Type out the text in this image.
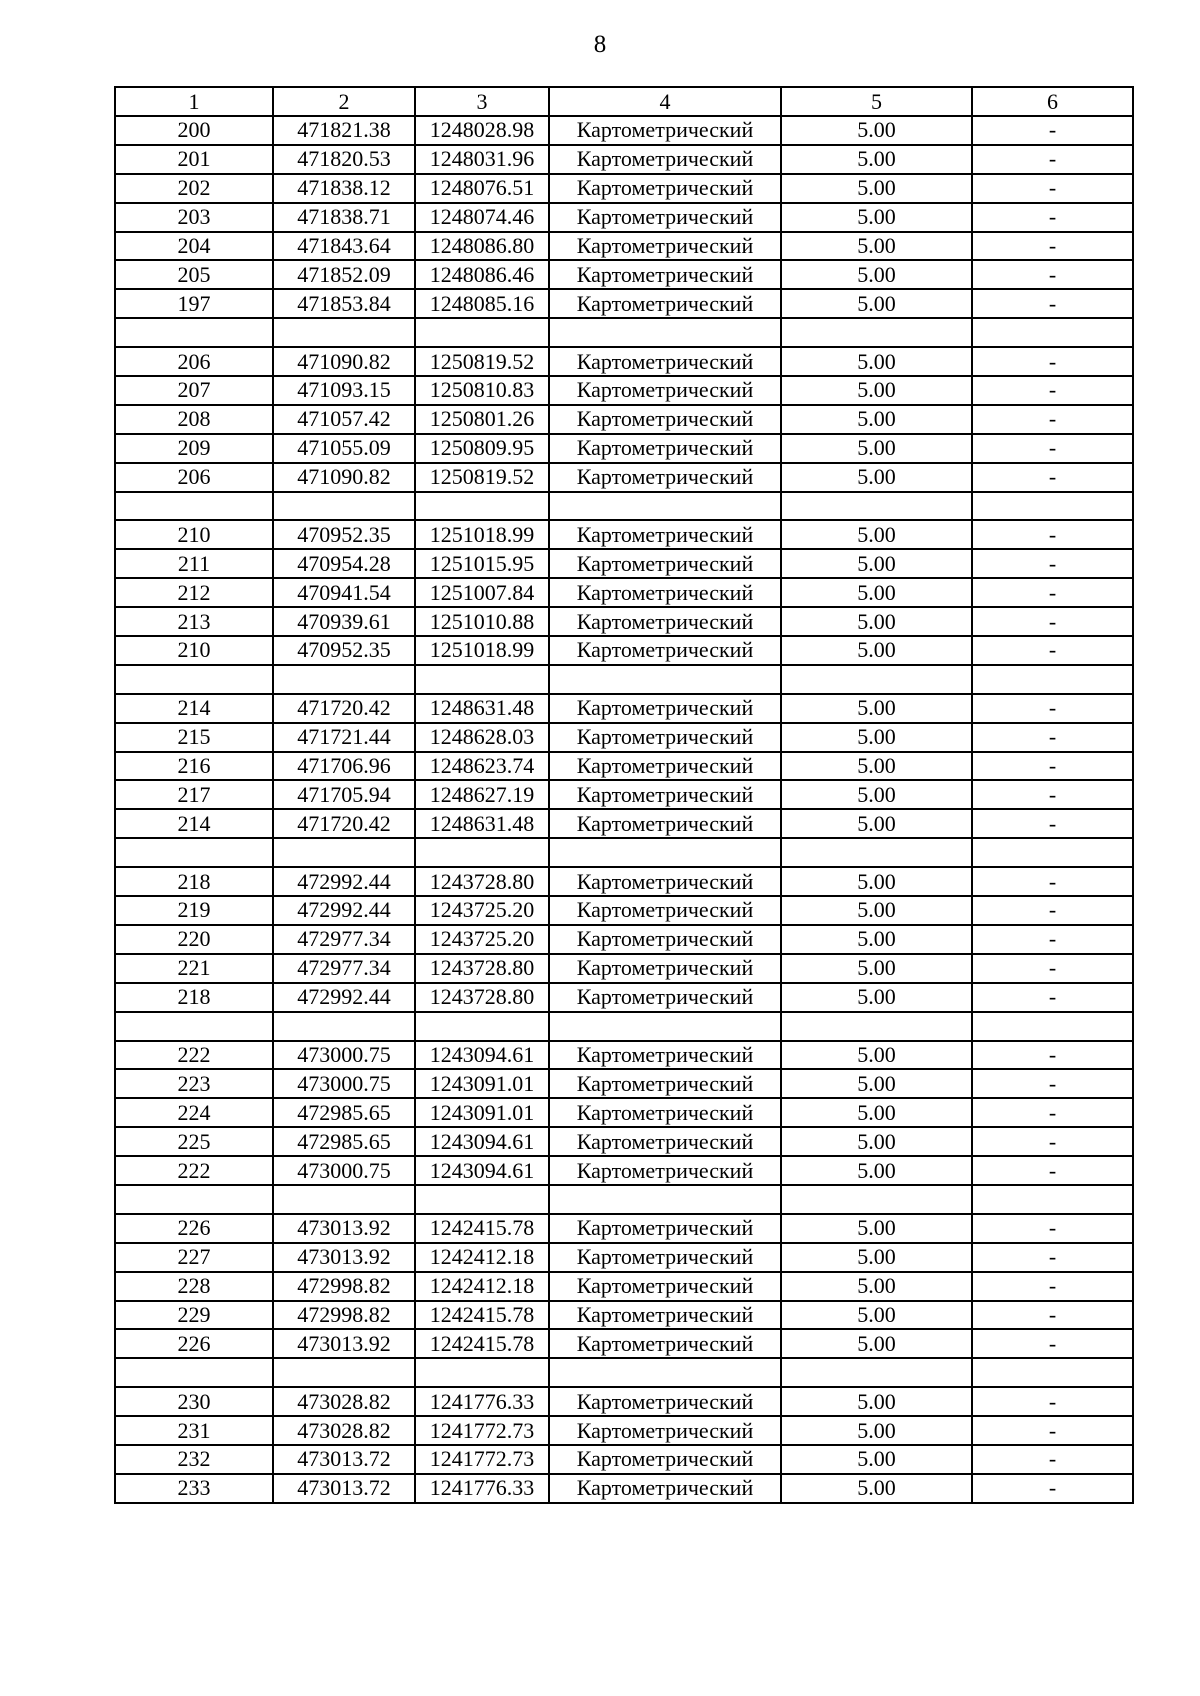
8
1	2	3	4	5	6
200	471821.38	1248028.98	Картометрический	5.00	-
201	471820.53	1248031.96	Картометрический	5.00	-
202	471838.12	1248076.51	Картометрический	5.00	-
203	471838.71	1248074.46	Картометрический	5.00	-
204	471843.64	1248086.80	Картометрический	5.00	-
205	471852.09	1248086.46	Картометрический	5.00	-
197	471853.84	1248085.16	Картометрический	5.00	-

206	471090.82	1250819.52	Картометрический	5.00	-
207	471093.15	1250810.83	Картометрический	5.00	-
208	471057.42	1250801.26	Картометрический	5.00	-
209	471055.09	1250809.95	Картометрический	5.00	-
206	471090.82	1250819.52	Картометрический	5.00	-

210	470952.35	1251018.99	Картометрический	5.00	-
211	470954.28	1251015.95	Картометрический	5.00	-
212	470941.54	1251007.84	Картометрический	5.00	-
213	470939.61	1251010.88	Картометрический	5.00	-
210	470952.35	1251018.99	Картометрический	5.00	-

214	471720.42	1248631.48	Картометрический	5.00	-
215	471721.44	1248628.03	Картометрический	5.00	-
216	471706.96	1248623.74	Картометрический	5.00	-
217	471705.94	1248627.19	Картометрический	5.00	-
214	471720.42	1248631.48	Картометрический	5.00	-

218	472992.44	1243728.80	Картометрический	5.00	-
219	472992.44	1243725.20	Картометрический	5.00	-
220	472977.34	1243725.20	Картометрический	5.00	-
221	472977.34	1243728.80	Картометрический	5.00	-
218	472992.44	1243728.80	Картометрический	5.00	-

222	473000.75	1243094.61	Картометрический	5.00	-
223	473000.75	1243091.01	Картометрический	5.00	-
224	472985.65	1243091.01	Картометрический	5.00	-
225	472985.65	1243094.61	Картометрический	5.00	-
222	473000.75	1243094.61	Картометрический	5.00	-

226	473013.92	1242415.78	Картометрический	5.00	-
227	473013.92	1242412.18	Картометрический	5.00	-
228	472998.82	1242412.18	Картометрический	5.00	-
229	472998.82	1242415.78	Картометрический	5.00	-
226	473013.92	1242415.78	Картометрический	5.00	-

230	473028.82	1241776.33	Картометрический	5.00	-
231	473028.82	1241772.73	Картометрический	5.00	-
232	473013.72	1241772.73	Картометрический	5.00	-
233	473013.72	1241776.33	Картометрический	5.00	-
